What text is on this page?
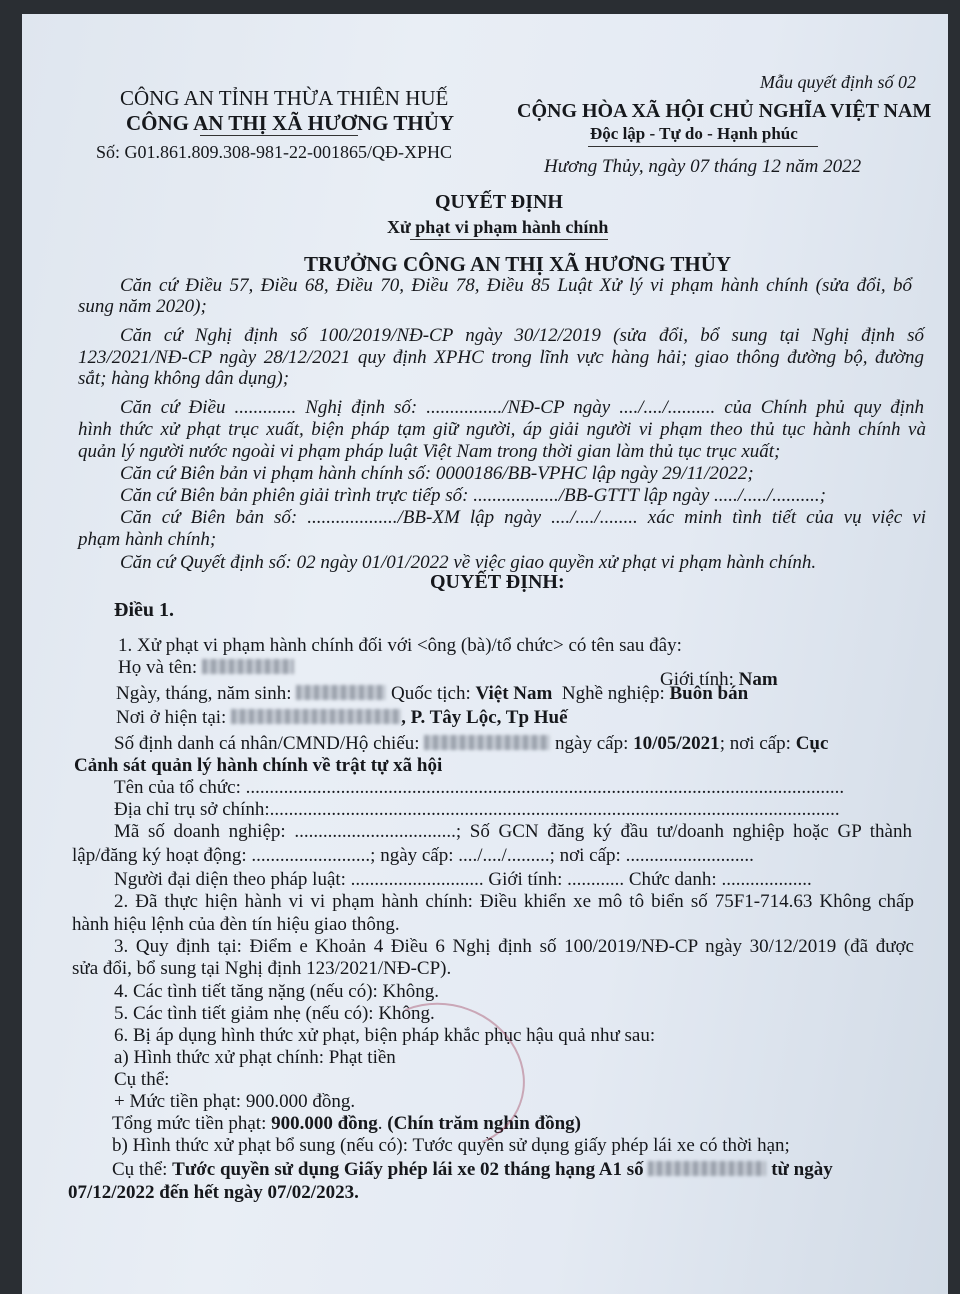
Mẫu quyết định số 02
CÔNG AN TỈNH THỪA THIÊN HUẾ
CÔNG AN THỊ XÃ HƯƠNG THỦY
Số: G01.861.809.308-981-22-001865/QĐ-XPHC
CỘNG HÒA XÃ HỘI CHỦ NGHĨA VIỆT NAM
Độc lập - Tự do - Hạnh phúc
Hương Thủy, ngày 07 tháng 12 năm 2022
QUYẾT ĐỊNH
Xử phạt vi phạm hành chính
TRƯỞNG CÔNG AN THỊ XÃ HƯƠNG THỦY
Căn cứ Điều 57, Điều 68, Điều 70, Điều 78, Điều 85 Luật Xử lý vi phạm hành chính (sửa đổi, bổ
sung năm 2020);
Căn cứ Nghị định số 100/2019/NĐ-CP ngày 30/12/2019 (sửa đổi, bổ sung tại Nghị định số
123/2021/NĐ-CP ngày 28/12/2021 quy định XPHC trong lĩnh vực hàng hải; giao thông đường bộ, đường
sắt; hàng không dân dụng);
Căn cứ Điều ............. Nghị định số: ................/NĐ-CP ngày ..../..../.......... của Chính phủ quy định
hình thức xử phạt trục xuất, biện pháp tạm giữ người, áp giải người vi phạm theo thủ tục hành chính và
quản lý người nước ngoài vi phạm pháp luật Việt Nam trong thời gian làm thủ tục trục xuất;
Căn cứ Biên bản vi phạm hành chính số: 0000186/BB-VPHC lập ngày 29/11/2022;
Căn cứ Biên bản phiên giải trình trực tiếp số: ................../BB-GTTT lập ngày ...../...../..........;
Căn cứ Biên bản số: .................../BB-XM lập ngày ..../..../........ xác minh tình tiết của vụ việc vi
phạm hành chính;
Căn cứ Quyết định số: 02 ngày 01/01/2022 về việc giao quyền xử phạt vi phạm hành chính.
QUYẾT ĐỊNH:
Điều 1.
1. Xử phạt vi phạm hành chính đối với <ông (bà)/tổ chức> có tên sau đây:
Họ và tên:
Giới tính: Nam
Ngày, tháng, năm sinh:	Quốc tịch: Việt Nam Nghề nghiệp: Buôn bán
Nơi ở hiện tại:	, P. Tây Lộc, Tp Huế
Số định danh cá nhân/CMND/Hộ chiếu:	ngày cấp: 10/05/2021; nơi cấp: Cục
Cảnh sát quản lý hành chính về trật tự xã hội
Tên của tổ chức: ..............................................................................................................................
Địa chỉ trụ sở chính:........................................................................................................................
Mã số doanh nghiệp: ..................................; Số GCN đăng ký đầu tư/doanh nghiệp hoặc GP thành
lập/đăng ký hoạt động: .........................; ngày cấp: ..../..../.........; nơi cấp: ...........................
Người đại diện theo pháp luật: ............................ Giới tính: ............ Chức danh: ...................
2. Đã thực hiện hành vi vi phạm hành chính: Điều khiển xe mô tô biển số 75F1-714.63 Không chấp
hành hiệu lệnh của đèn tín hiệu giao thông.
3. Quy định tại: Điểm e Khoản 4 Điều 6 Nghị định số 100/2019/NĐ-CP ngày 30/12/2019 (đã được
sửa đổi, bổ sung tại Nghị định 123/2021/NĐ-CP).
4. Các tình tiết tăng nặng (nếu có): Không.
5. Các tình tiết giảm nhẹ (nếu có): Không.
6. Bị áp dụng hình thức xử phạt, biện pháp khắc phục hậu quả như sau:
a) Hình thức xử phạt chính: Phạt tiền
Cụ thể:
+ Mức tiền phạt: 900.000 đồng.
Tổng mức tiền phạt: 900.000 đồng. (Chín trăm nghìn đồng)
b) Hình thức xử phạt bổ sung (nếu có): Tước quyền sử dụng giấy phép lái xe có thời hạn;
Cụ thể: Tước quyền sử dụng Giấy phép lái xe 02 tháng hạng A1 số	từ ngày
07/12/2022 đến hết ngày 07/02/2023.
